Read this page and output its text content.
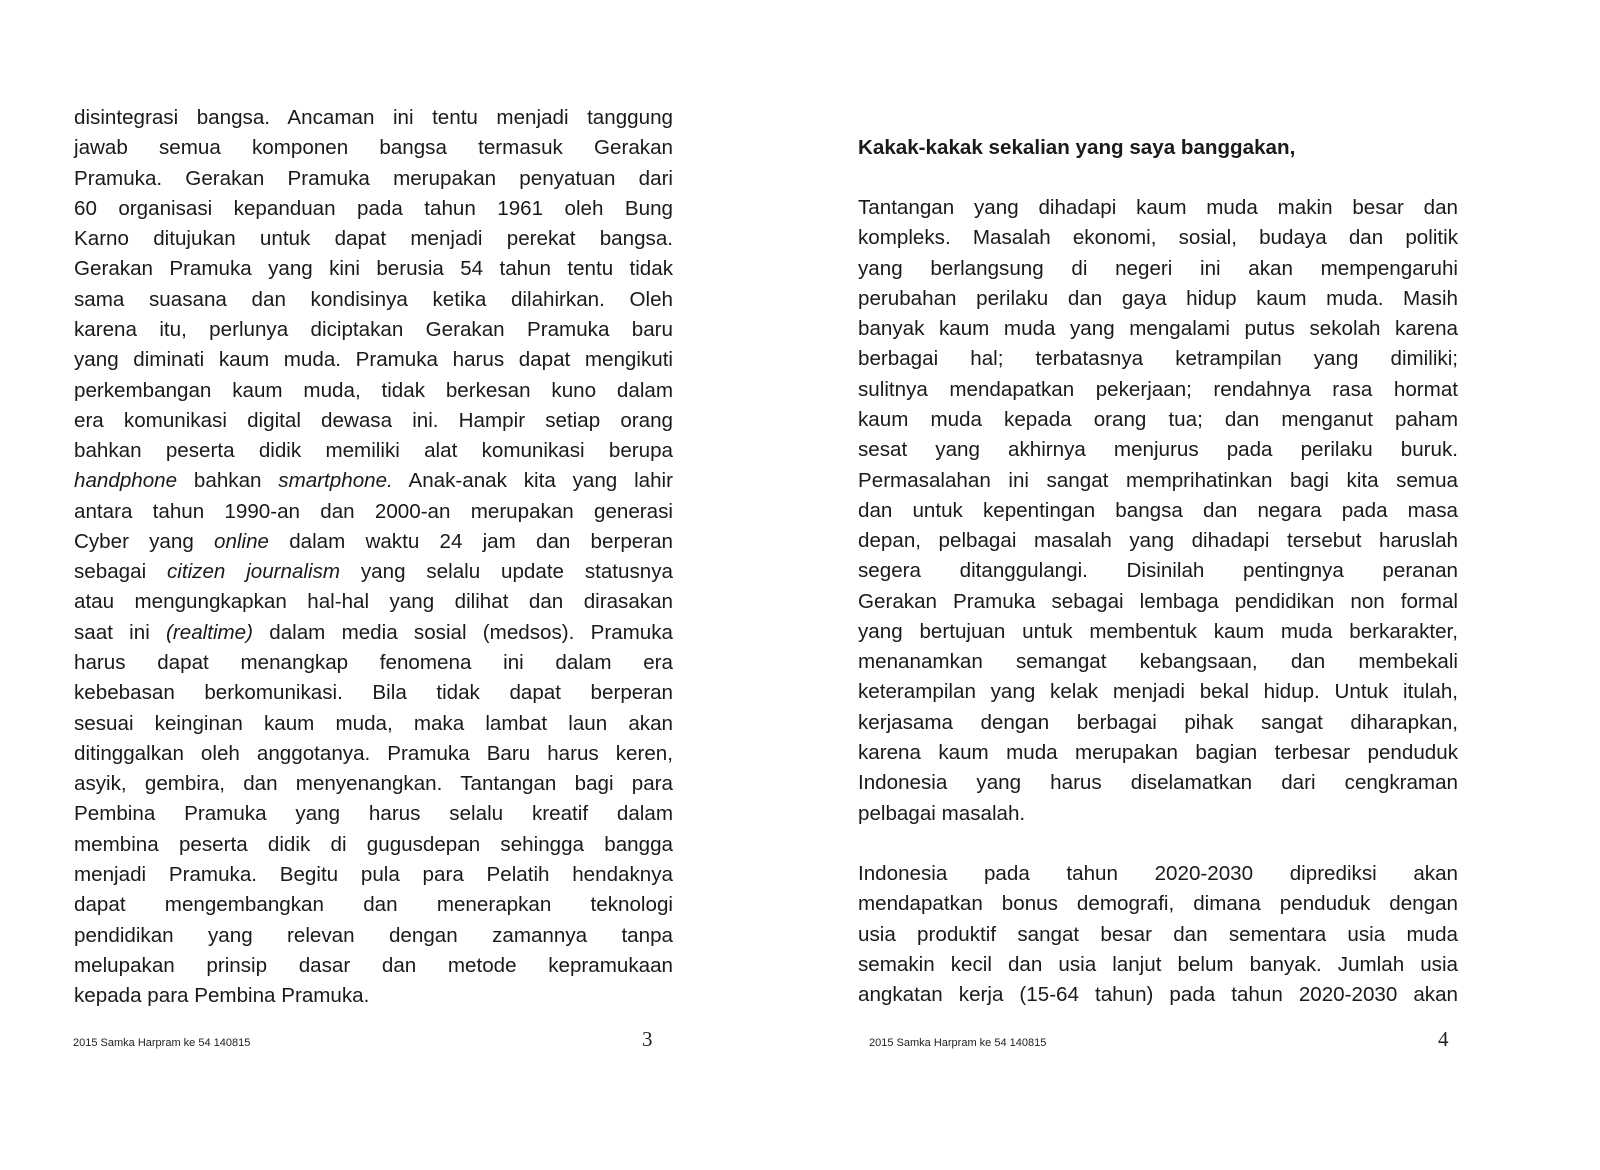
disintegrasi bangsa. Ancaman ini tentu menjadi tanggung
jawab semua komponen bangsa termasuk Gerakan
Pramuka. Gerakan Pramuka merupakan penyatuan dari
60 organisasi kepanduan pada tahun 1961 oleh Bung
Karno ditujukan untuk dapat menjadi perekat bangsa.
Gerakan Pramuka yang kini berusia 54 tahun tentu tidak
sama suasana dan kondisinya ketika dilahirkan. Oleh
karena itu, perlunya diciptakan Gerakan Pramuka baru
yang diminati kaum muda. Pramuka harus dapat mengikuti
perkembangan kaum muda, tidak berkesan kuno dalam
era komunikasi digital dewasa ini. Hampir setiap orang
bahkan peserta didik memiliki alat komunikasi berupa
handphone bahkan smartphone. Anak-anak kita yang lahir
antara tahun 1990-an dan 2000-an merupakan generasi
Cyber yang online dalam waktu 24 jam dan berperan
sebagai citizen journalism yang selalu update statusnya
atau mengungkapkan hal-hal yang dilihat dan dirasakan
saat ini (realtime) dalam media sosial (medsos). Pramuka
harus dapat menangkap fenomena ini dalam era
kebebasan berkomunikasi. Bila tidak dapat berperan
sesuai keinginan kaum muda, maka lambat laun akan
ditinggalkan oleh anggotanya. Pramuka Baru harus keren,
asyik, gembira, dan menyenangkan. Tantangan bagi para
Pembina Pramuka yang harus selalu kreatif dalam
membina peserta didik di gugusdepan sehingga bangga
menjadi Pramuka. Begitu pula para Pelatih hendaknya
dapat mengembangkan dan menerapkan teknologi
pendidikan yang relevan dengan zamannya tanpa
melupakan prinsip dasar dan metode kepramukaan
kepada para Pembina Pramuka.
2015 Samka Harpram ke 54 140815	3
Kakak-kakak sekalian yang saya banggakan,
Tantangan yang dihadapi kaum muda makin besar dan
kompleks. Masalah ekonomi, sosial, budaya dan politik
yang berlangsung di negeri ini akan mempengaruhi
perubahan perilaku dan gaya hidup kaum muda. Masih
banyak kaum muda yang mengalami putus sekolah karena
berbagai hal; terbatasnya ketrampilan yang dimiliki;
sulitnya mendapatkan pekerjaan; rendahnya rasa hormat
kaum muda kepada orang tua; dan menganut paham
sesat yang akhirnya menjurus pada perilaku buruk.
Permasalahan ini sangat memprihatinkan bagi kita semua
dan untuk kepentingan bangsa dan negara pada masa
depan, pelbagai masalah yang dihadapi tersebut haruslah
segera ditanggulangi. Disinilah pentingnya peranan
Gerakan Pramuka sebagai lembaga pendidikan non formal
yang bertujuan untuk membentuk kaum muda berkarakter,
menanamkan semangat kebangsaan, dan membekali
keterampilan yang kelak menjadi bekal hidup. Untuk itulah,
kerjasama dengan berbagai pihak sangat diharapkan,
karena kaum muda merupakan bagian terbesar penduduk
Indonesia yang harus diselamatkan dari cengkraman
pelbagai masalah.
Indonesia pada tahun 2020-2030 diprediksi akan
mendapatkan bonus demografi, dimana penduduk dengan
usia produktif sangat besar dan sementara usia muda
semakin kecil dan usia lanjut belum banyak. Jumlah usia
angkatan kerja (15-64 tahun) pada tahun 2020-2030 akan
2015 Samka Harpram ke 54 140815	4
